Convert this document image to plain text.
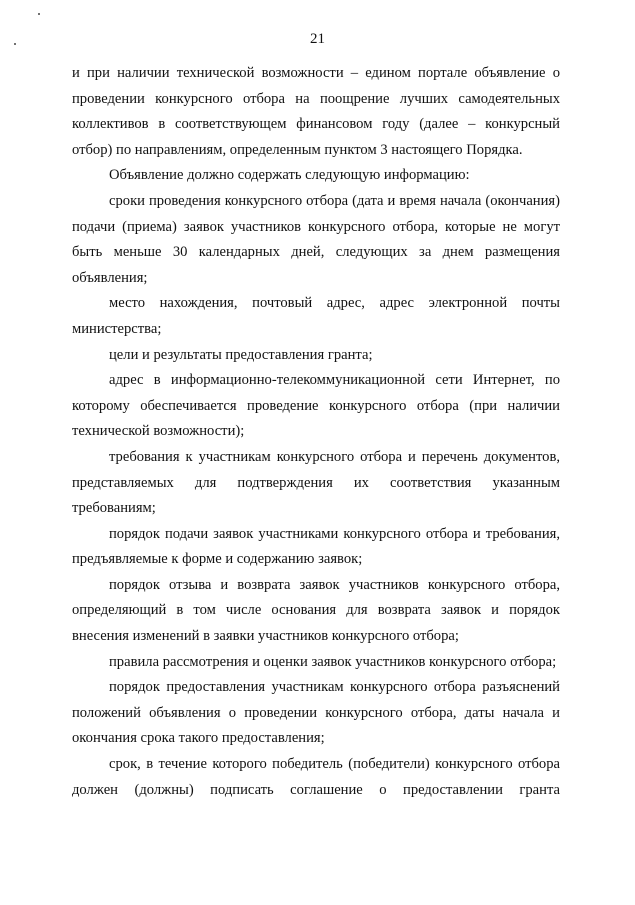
21

и при наличии технической возможности – едином портале объявление о проведении конкурсного отбора на поощрение лучших самодеятельных коллективов в соответствующем финансовом году (далее – конкурсный отбор) по направлениям, определенным пунктом 3 настоящего Порядка.

Объявление должно содержать следующую информацию:

сроки проведения конкурсного отбора (дата и время начала (окончания) подачи (приема) заявок участников конкурсного отбора, которые не могут быть меньше 30 календарных дней, следующих за днем размещения объявления;

место нахождения, почтовый адрес, адрес электронной почты министерства;

цели и результаты предоставления гранта;

адрес в информационно-телекоммуникационной сети Интернет, по которому обеспечивается проведение конкурсного отбора (при наличии технической возможности);

требования к участникам конкурсного отбора и перечень документов, представляемых для подтверждения их соответствия указанным требованиям;

порядок подачи заявок участниками конкурсного отбора и требования, предъявляемые к форме и содержанию заявок;

порядок отзыва и возврата заявок участников конкурсного отбора, определяющий в том числе основания для возврата заявок и порядок внесения изменений в заявки участников конкурсного отбора;

правила рассмотрения и оценки заявок участников конкурсного отбора;

порядок предоставления участникам конкурсного отбора разъяснений положений объявления о проведении конкурсного отбора, даты начала и окончания срока такого предоставления;

срок, в течение которого победитель (победители) конкурсного отбора должен (должны) подписать соглашение о предоставлении гранта
